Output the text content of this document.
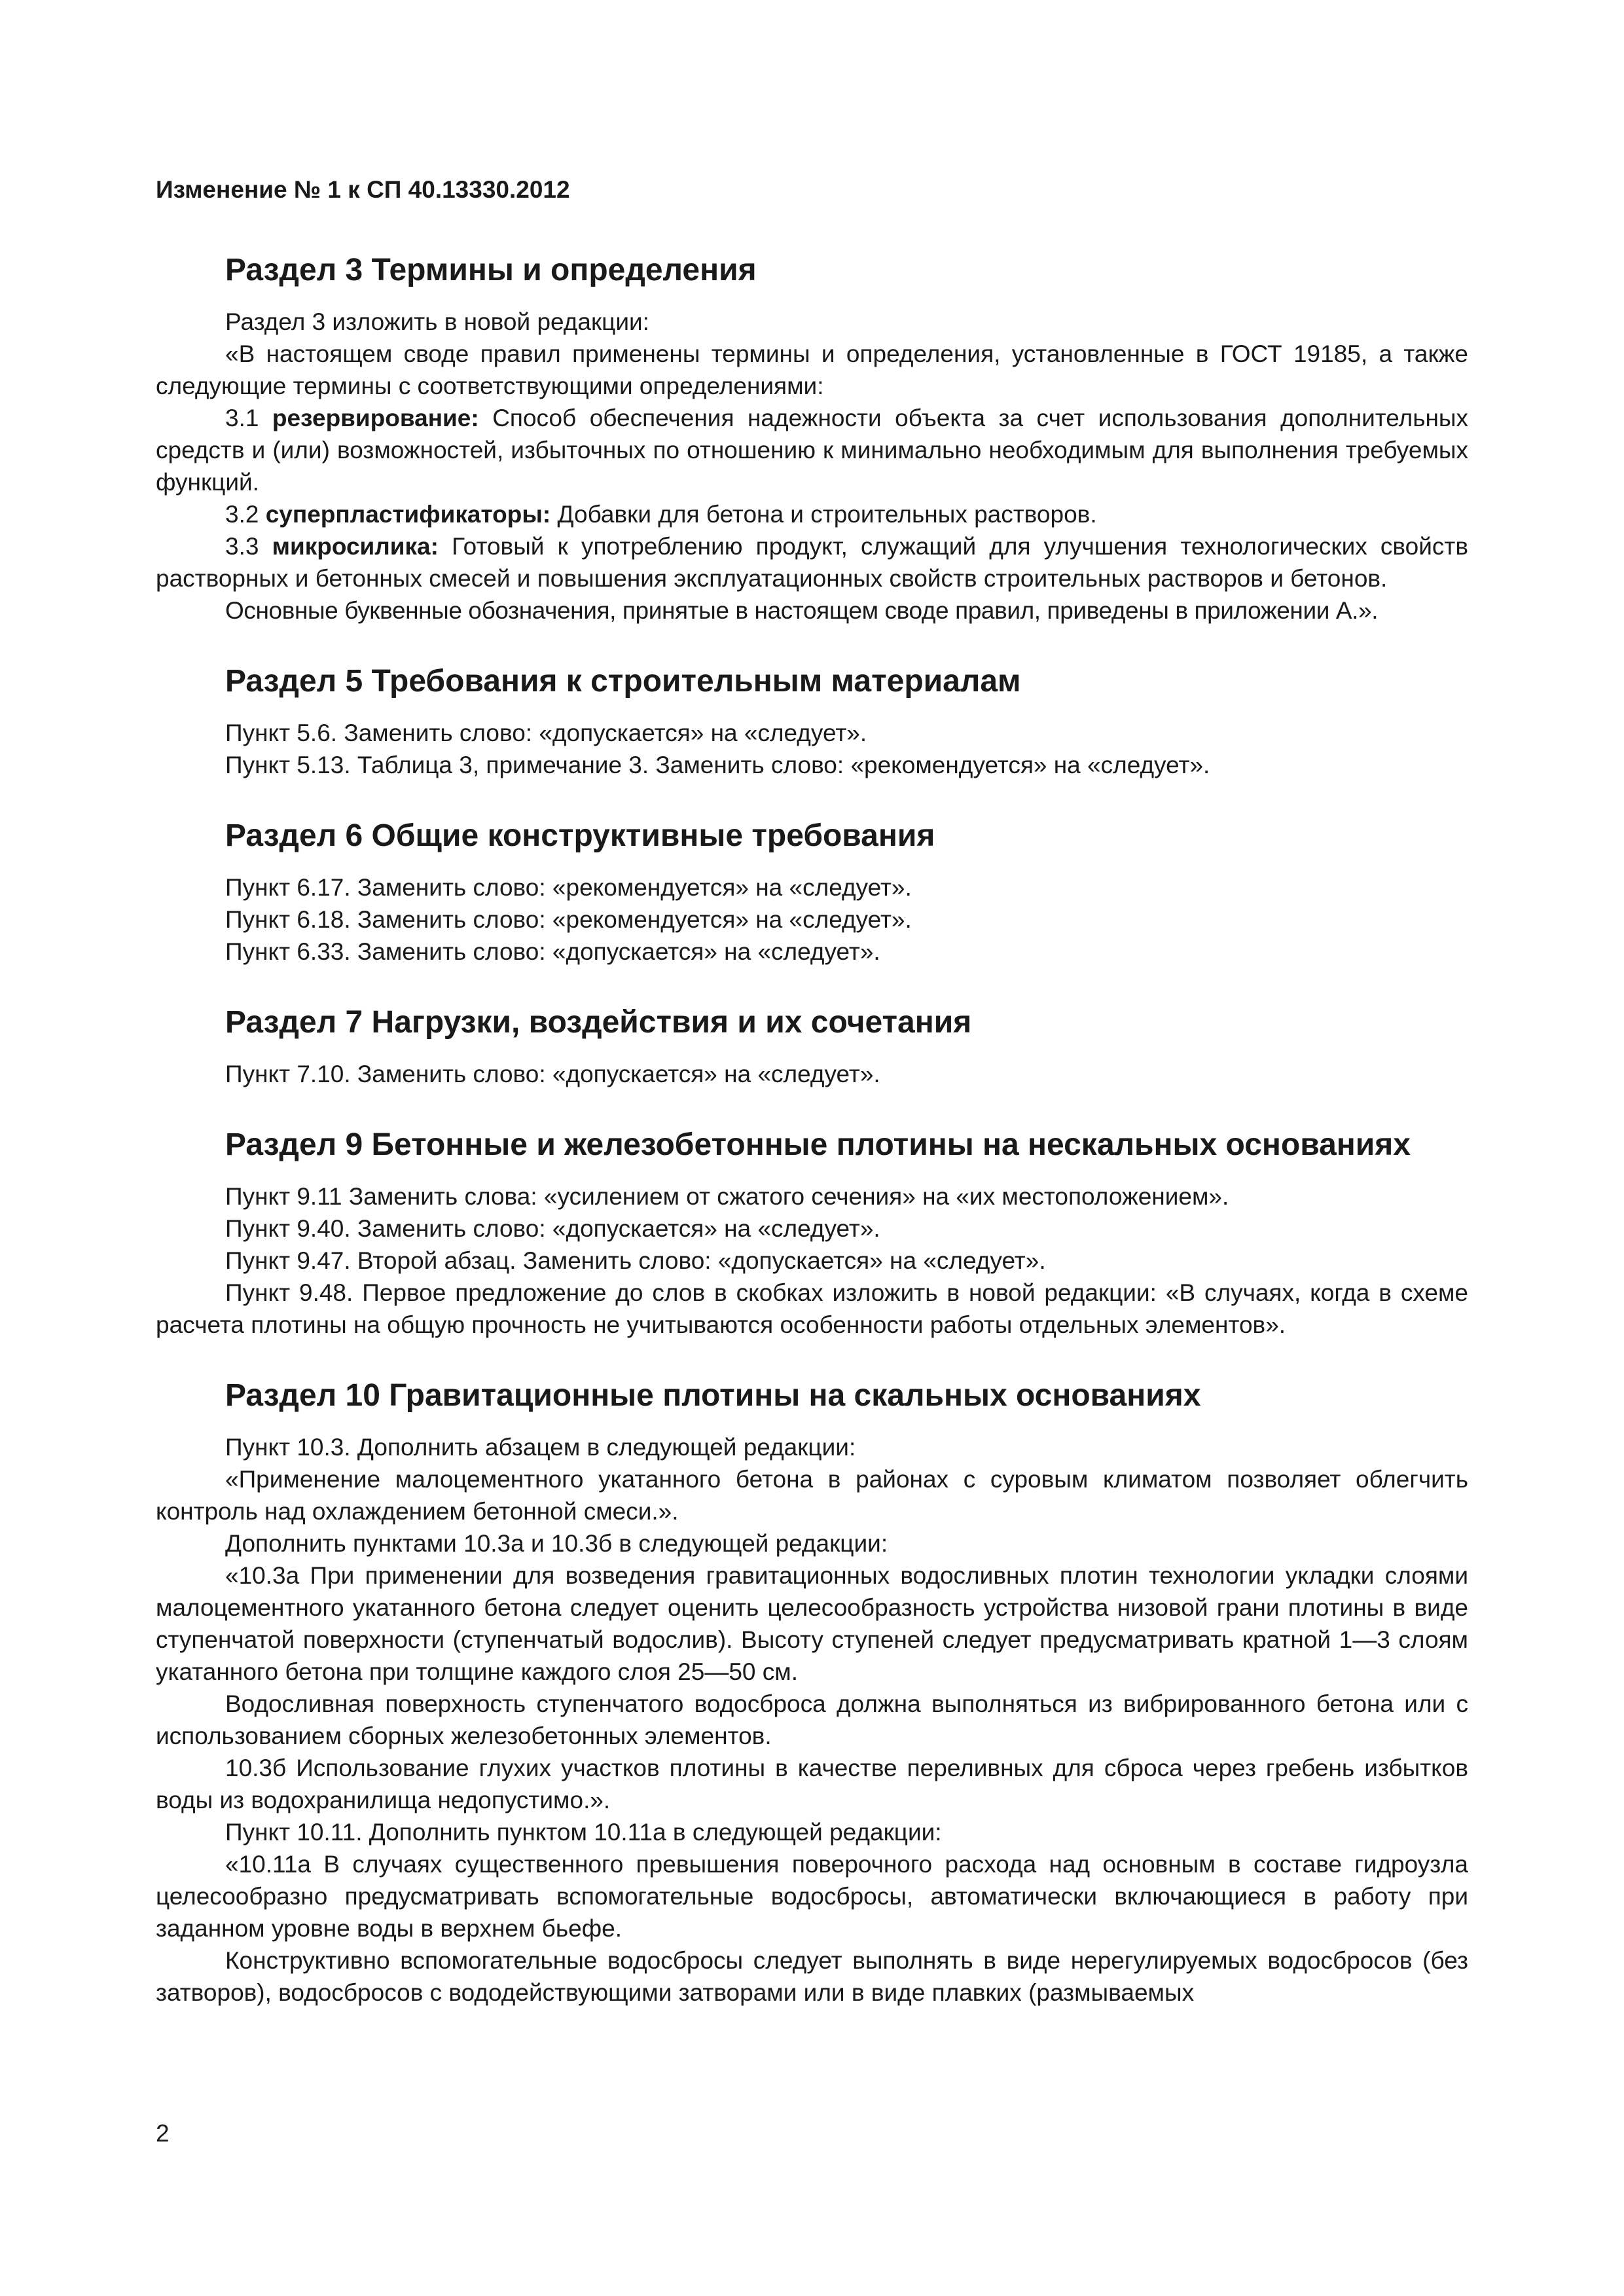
Изменение № 1 к СП 40.13330.2012

Раздел 3 Термины и определения

Раздел 3 изложить в новой редакции:

«В настоящем своде правил применены термины и определения, установленные в ГОСТ 19185, а также следующие термины с соответствующими определениями:

3.1 резервирование: Способ обеспечения надежности объекта за счет использования дополнительных средств и (или) возможностей, избыточных по отношению к минимально необходимым для выполнения требуемых функций.

3.2 суперпластификаторы: Добавки для бетона и строительных растворов.

3.3 микросилика: Готовый к употреблению продукт, служащий для улучшения технологических свойств растворных и бетонных смесей и повышения эксплуатационных свойств строительных растворов и бетонов.

Основные буквенные обозначения, принятые в настоящем своде правил, приведены в приложении А.».

Раздел 5 Требования к строительным материалам

Пункт 5.6. Заменить слово: «допускается» на «следует».

Пункт 5.13. Таблица 3, примечание 3. Заменить слово: «рекомендуется» на «следует».

Раздел 6 Общие конструктивные требования

Пункт 6.17. Заменить слово: «рекомендуется» на «следует».

Пункт 6.18. Заменить слово: «рекомендуется» на «следует».

Пункт 6.33. Заменить слово: «допускается» на «следует».

Раздел 7 Нагрузки, воздействия и их сочетания

Пункт 7.10. Заменить слово: «допускается» на «следует».

Раздел 9 Бетонные и железобетонные плотины на нескальных основаниях

Пункт 9.11 Заменить слова: «усилением от сжатого сечения» на «их местоположением».

Пункт 9.40. Заменить слово: «допускается» на «следует».

Пункт 9.47. Второй абзац. Заменить слово: «допускается» на «следует».

Пункт 9.48. Первое предложение до слов в скобках изложить в новой редакции: «В случаях, когда в схеме расчета плотины на общую прочность не учитываются особенности работы отдельных элементов».

Раздел 10 Гравитационные плотины на скальных основаниях

Пункт 10.3. Дополнить абзацем в следующей редакции:

«Применение малоцементного укатанного бетона в районах с суровым климатом позволяет облегчить контроль над охлаждением бетонной смеси.».

Дополнить пунктами 10.3а и 10.3б в следующей редакции:

«10.3а При применении для возведения гравитационных водосливных плотин технологии укладки слоями малоцементного укатанного бетона следует оценить целесообразность устройства низовой грани плотины в виде ступенчатой поверхности (ступенчатый водослив). Высоту ступеней следует предусматривать кратной 1—3 слоям укатанного бетона при толщине каждого слоя 25—50 см.

Водосливная поверхность ступенчатого водосброса должна выполняться из вибрированного бетона или с использованием сборных железобетонных элементов.

10.3б Использование глухих участков плотины в качестве переливных для сброса через гребень избытков воды из водохранилища недопустимо.».

Пункт 10.11. Дополнить пунктом 10.11а в следующей редакции:

«10.11а В случаях существенного превышения поверочного расхода над основным в составе гидроузла целесообразно предусматривать вспомогательные водосбросы, автоматически включающиеся в работу при заданном уровне воды в верхнем бьефе.

Конструктивно вспомогательные водосбросы следует выполнять в виде нерегулируемых водосбросов (без затворов), водосбросов с вододействующими затворами или в виде плавких (размываемых

2
